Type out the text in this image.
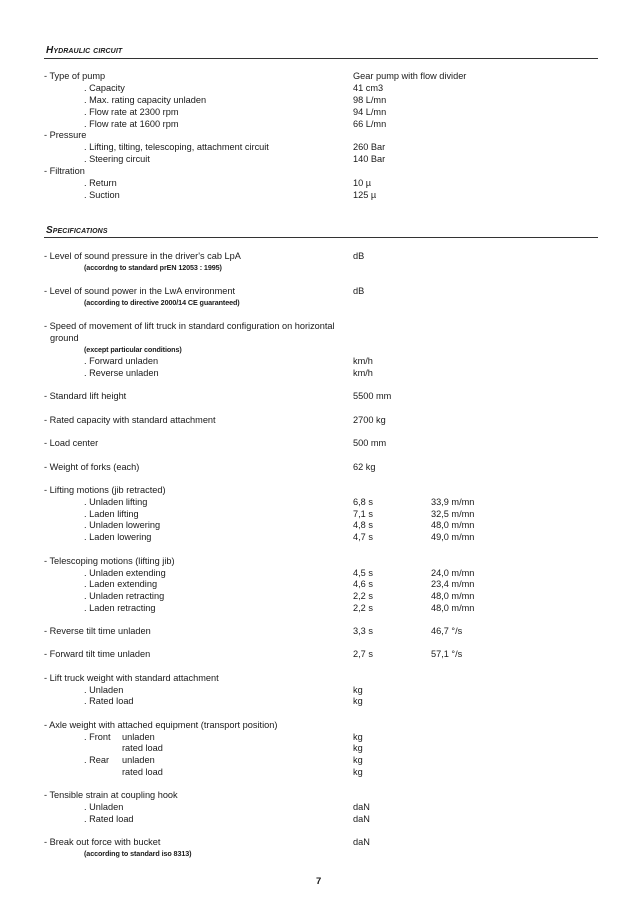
Hydraulic circuit
- Type of pump	Gear pump with flow divider
. Capacity	41 cm3
. Max. rating capacity unladen	98 L/mn
. Flow rate at 2300 rpm	94 L/mn
. Flow rate at 1600 rpm	66 L/mn
- Pressure
. Lifting, tilting, telescoping, attachment circuit	260 Bar
. Steering circuit	140 Bar
- Filtration
. Return	10 µ
. Suction	125 µ
Specifications
- Level of sound pressure in the driver's cab LpA	dB
(accordng to standard prEN 12053 : 1995)
- Level of sound power in the LwA environment	dB
(according to directive 2000/14 CE guaranteed)
- Speed of movement of lift truck in standard configuration on horizontal
ground
(except particular conditions)
. Forward unladen	km/h
. Reverse unladen	km/h
- Standard lift height	5500 mm
- Rated capacity with standard attachment	2700 kg
- Load center	500 mm
- Weight of forks (each)	62 kg
- Lifting motions (jib retracted)
. Unladen lifting	6,8 s	33,9 m/mn
. Laden lifting	7,1 s	32,5 m/mn
. Unladen lowering	4,8 s	48,0 m/mn
. Laden lowering	4,7 s	49,0 m/mn
- Telescoping motions (lifting jib)
. Unladen extending	4,5 s	24,0 m/mn
. Laden extending	4,6 s	23,4 m/mn
. Unladen retracting	2,2 s	48,0 m/mn
. Laden retracting	2,2 s	48,0 m/mn
- Reverse tilt time unladen	3,3 s	46,7 °/s
- Forward tilt time unladen	2,7 s	57,1 °/s
- Lift truck weight with standard attachment
. Unladen	kg
. Rated load	kg
- Axle weight with attached equipment (transport position)
. Front unladen	kg
rated load	kg
. Rear unladen	kg
rated load	kg
- Tensible strain at coupling hook
. Unladen	daN
. Rated load	daN
- Break out force with bucket	daN
(according to standard iso 8313)
7
